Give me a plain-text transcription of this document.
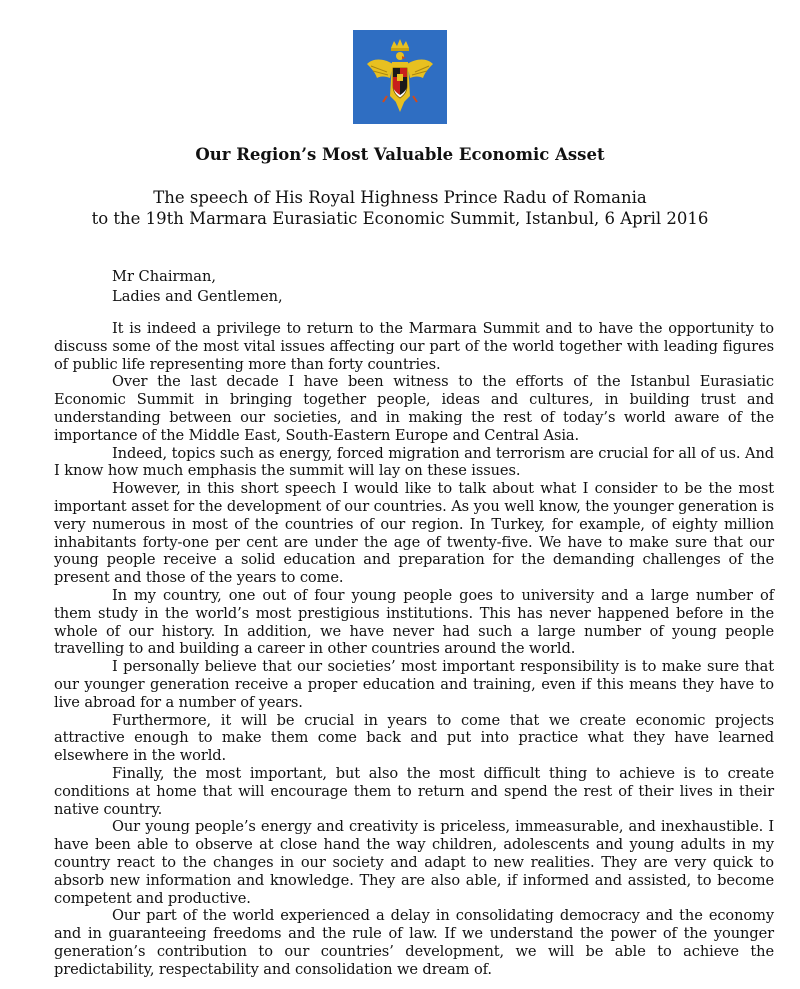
Our Region’s Most Valuable Economic Asset
The speech of His Royal Highness Prince Radu of Romania
to the 19th Marmara Eurasiatic Economic Summit, Istanbul, 6 April 2016
Mr Chairman,
Ladies and Gentlemen,

It is indeed a privilege to return to the Marmara Summit and to have the opportunity to discuss some of the most vital issues affecting our part of the world together with leading figures of public life representing more than forty countries.

Over the last decade I have been witness to the efforts of the Istanbul Eurasiatic Economic Summit in bringing together people, ideas and cultures, in building trust and understanding between our societies, and in making the rest of today’s world aware of the importance of the Middle East, South-Eastern Europe and Central Asia.

Indeed, topics such as energy, forced migration and terrorism are crucial for all of us. And I know how much emphasis the summit will lay on these issues.

However, in this short speech I would like to talk about what I consider to be the most important asset for the development of our countries. As you well know, the younger generation is very numerous in most of the countries of our region. In Turkey, for example, of eighty million inhabitants forty-one per cent are under the age of twenty-five. We have to make sure that our young people receive a solid education and preparation for the demanding challenges of the present and those of the years to come.

In my country, one out of four young people goes to university and a large number of them study in the world’s most prestigious institutions. This has never happened before in the whole of our history. In addition, we have never had such a large number of young people travelling to and building a career in other countries around the world.

I personally believe that our societies’ most important responsibility is to make sure that our younger generation receive a proper education and training, even if this means they have to live abroad for a number of years.

Furthermore, it will be crucial in years to come that we create economic projects attractive enough to make them come back and put into practice what they have learned elsewhere in the world.

Finally, the most important, but also the most difficult thing to achieve is to create conditions at home that will encourage them to return and spend the rest of their lives in their native country.

Our young people’s energy and creativity is priceless, immeasurable, and inexhaustible. I have been able to observe at close hand the way children, adolescents and young adults in my country react to the changes in our society and adapt to new realities. They are very quick to absorb new information and knowledge. They are also able, if informed and assisted, to become competent and productive.

Our part of the world experienced a delay in consolidating democracy and the economy and in guaranteeing freedoms and the rule of law. If we understand the power of the younger generation’s contribution to our countries’ development, we will be able to achieve the predictability, respectability and consolidation we dream of.
